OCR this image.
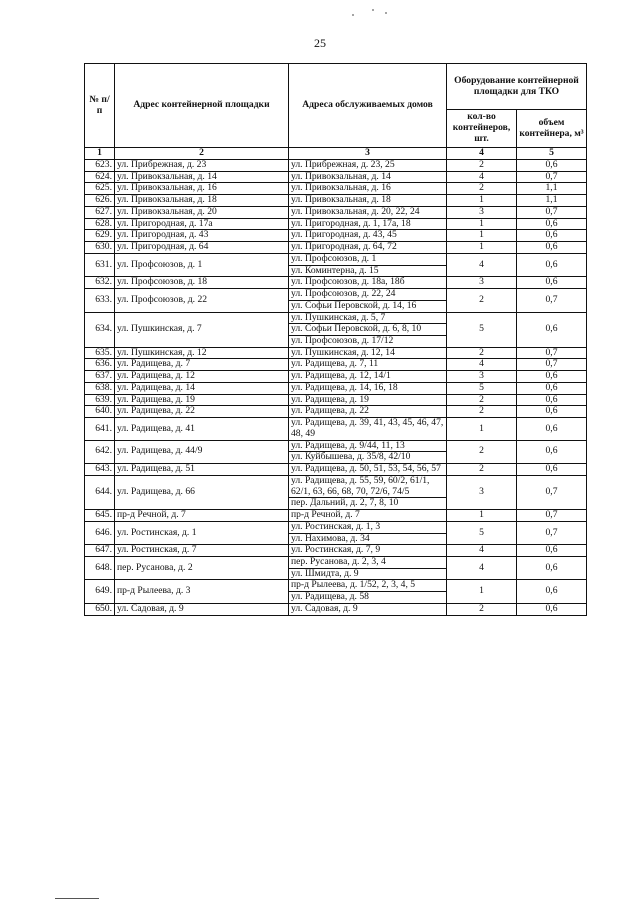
25
№ п/п	Адрес контейнерной площадки	Адреса обслуживаемых домов	Оборудование контейнерной площадки для ТКО	
			кол-во контейнеров, шт.	объем контейнера, м³
1	2	3	4	5
623.	ул. Прибрежная, д. 23	ул. Прибрежная, д. 23, 25	2	0,6
624.	ул. Привокзальная, д. 14	ул. Привокзальная, д. 14	4	0,7
625.	ул. Привокзальная, д. 16	ул. Привокзальная, д. 16	2	1,1
626.	ул. Привокзальная, д. 18	ул. Привокзальная, д. 18	1	1,1
627.	ул. Привокзальная, д. 20	ул. Привокзальная, д. 20, 22, 24	3	0,7
628.	ул. Пригородная, д. 17а	ул. Пригородная, д. 1, 17а, 18	1	0,6
629.	ул. Пригородная, д. 43	ул. Пригородная, д. 43, 45	1	0,6
630.	ул. Пригородная, д. 64	ул. Пригородная, д. 64, 72	1	0,6
631.	ул. Профсоюзов, д. 1	ул. Профсоюзов, д. 1	4	0,6
		ул. Коминтерна, д. 15		
632.	ул. Профсоюзов, д. 18	ул. Профсоюзов, д. 18а, 18б	3	0,6
633.	ул. Профсоюзов, д. 22	ул. Профсоюзов, д. 22, 24	2	0,7
		ул. Софьи Перовской, д. 14, 16		
634.	ул. Пушкинская, д. 7	ул. Пушкинская, д. 5, 7	5	0,6
		ул. Софьи Перовской, д. 6, 8, 10		
		ул. Профсоюзов, д. 17/12		
635.	ул. Пушкинская, д. 12	ул. Пушкинская, д. 12, 14	2	0,7
636.	ул. Радищева, д. 7	ул. Радищева, д. 7, 11	4	0,7
637.	ул. Радищева, д. 12	ул. Радищева, д. 12, 14/1	3	0,6
638.	ул. Радищева, д. 14	ул. Радищева, д. 14, 16, 18	5	0,6
639.	ул. Радищева, д. 19	ул. Радищева, д. 19	2	0,6
640.	ул. Радищева, д. 22	ул. Радищева, д. 22	2	0,6
641.	ул. Радищева, д. 41	ул. Радищева, д. 39, 41, 43, 45, 46, 47, 48, 49	1	0,6
642.	ул. Радищева, д. 44/9	ул. Радищева, д. 9/44, 11, 13	2	0,6
		ул. Куйбышева, д. 35/8, 42/10		
643.	ул. Радищева, д. 51	ул. Радищева, д. 50, 51, 53, 54, 56, 57	2	0,6
644.	ул. Радищева, д. 66	ул. Радищева, д. 55, 59, 60/2, 61/1, 62/1, 63, 66, 68, 70, 72/6, 74/5	3	0,7
		пер. Дальний, д. 2, 7, 8, 10		
645.	пр-д Речной, д. 7	пр-д Речной, д. 7	1	0,7
646.	ул. Ростинская, д. 1	ул. Ростинская, д. 1, 3	5	0,7
		ул. Нахимова, д. 34		
647.	ул. Ростинская, д. 7	ул. Ростинская, д. 7, 9	4	0,6
648.	пер. Русанова, д. 2	пер. Русанова, д. 2, 3, 4	4	0,6
		ул. Шмидта, д. 9		
649.	пр-д Рылеева, д. 3	пр-д Рылеева, д. 1/52, 2, 3, 4, 5	1	0,6
		ул. Радищева, д. 58		
650.	ул. Садовая, д. 9	ул. Садовая, д. 9	2	0,6
